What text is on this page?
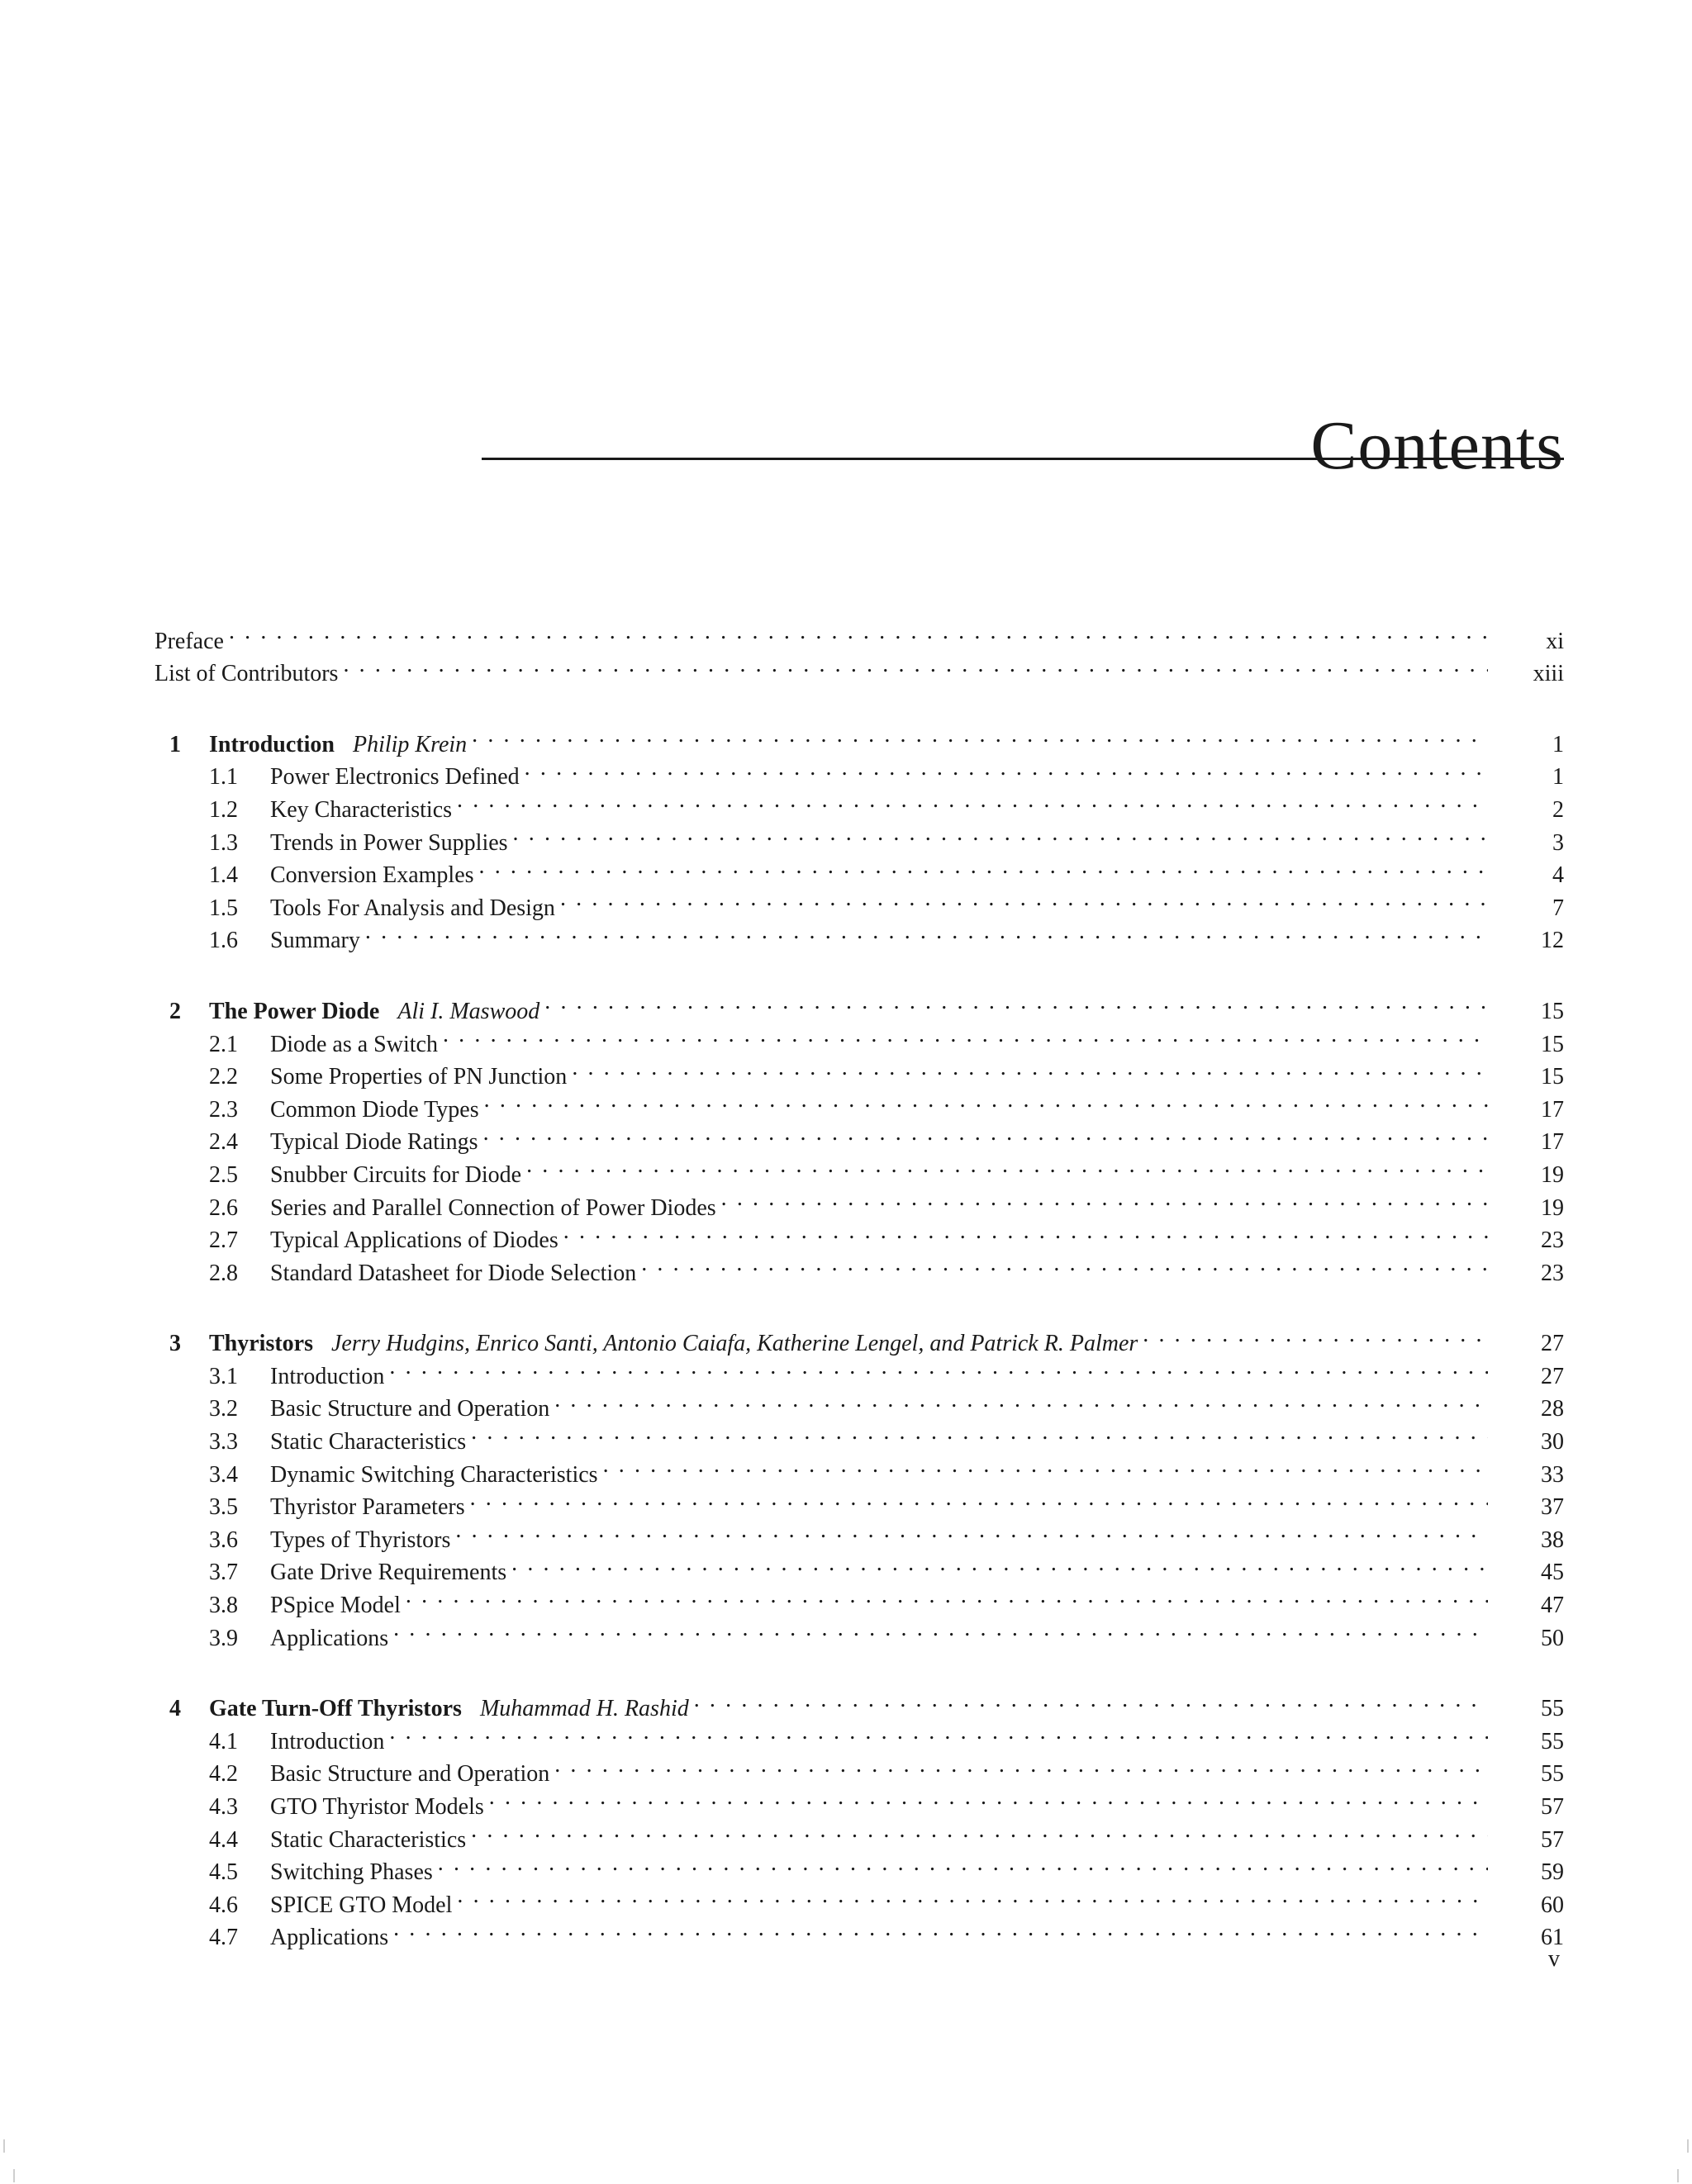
Contents
Preface . . .	xi
List of Contributors . . .	xiii
1	Introduction Philip Krein . . .	1
1.1	Power Electronics Defined . . .	1
1.2	Key Characteristics . . .	2
1.3	Trends in Power Supplies . . .	3
1.4	Conversion Examples . . .	4
1.5	Tools For Analysis and Design . . .	7
1.6	Summary . . .	12
2	The Power Diode Ali I. Maswood . . .	15
2.1	Diode as a Switch . . .	15
2.2	Some Properties of PN Junction . . .	15
2.3	Common Diode Types . . .	17
2.4	Typical Diode Ratings . . .	17
2.5	Snubber Circuits for Diode . . .	19
2.6	Series and Parallel Connection of Power Diodes . . .	19
2.7	Typical Applications of Diodes . . .	23
2.8	Standard Datasheet for Diode Selection . . .	23
3	Thyristors Jerry Hudgins, Enrico Santi, Antonio Caiafa, Katherine Lengel, and Patrick R. Palmer . . .	27
3.1	Introduction . . .	27
3.2	Basic Structure and Operation . . .	28
3.3	Static Characteristics . . .	30
3.4	Dynamic Switching Characteristics . . .	33
3.5	Thyristor Parameters . . .	37
3.6	Types of Thyristors . . .	38
3.7	Gate Drive Requirements . . .	45
3.8	PSpice Model . . .	47
3.9	Applications . . .	50
4	Gate Turn-Off Thyristors Muhammad H. Rashid . . .	55
4.1	Introduction . . .	55
4.2	Basic Structure and Operation . . .	55
4.3	GTO Thyristor Models . . .	57
4.4	Static Characteristics . . .	57
4.5	Switching Phases . . .	59
4.6	SPICE GTO Model . . .	60
4.7	Applications . . .	61
v
